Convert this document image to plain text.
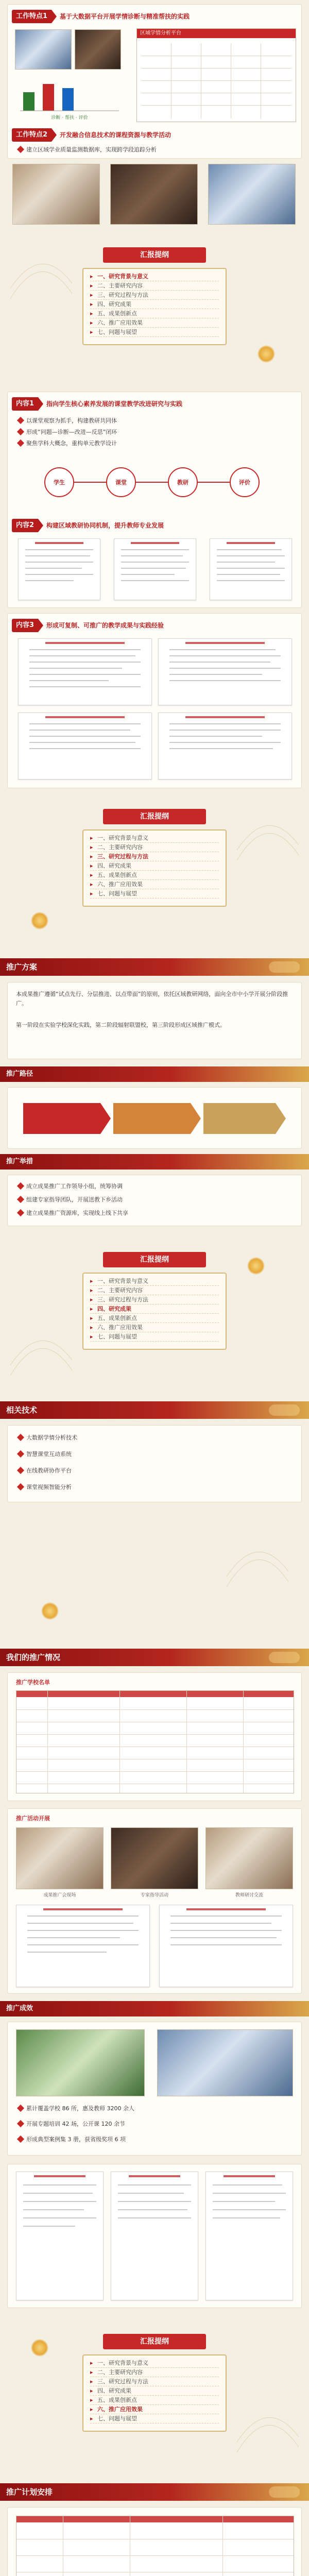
工作特点1	基于大数据平台开展学情诊断与精准帮扶的实践
诊断 · 帮扶 · 评价
区域学情分析平台
工作特点2	开发融合信息技术的课程资源与教学活动
建立区域学业质量监测数据库，实现跨学段追踪分析
汇报提纲
▸ 一、研究背景与意义
▸ 二、主要研究内容
▸ 三、研究过程与方法
▸ 四、研究成果
▸ 五、成果创新点
▸ 六、推广应用效果
▸ 七、问题与展望
内容1	指向学生核心素养发展的课堂教学改进研究与实践
以课堂观察为抓手，构建教研共同体
形成“问题—诊断—改进—反思”闭环
聚焦学科大概念，重构单元教学设计
学生	课堂	教研	评价
内容2	构建区域教研协同机制，提升教师专业发展
内容3	形成可复制、可推广的教学成果与实践经验
汇报提纲
▸ 一、研究背景与意义
▸ 二、主要研究内容
▸ 三、研究过程与方法
▸ 四、研究成果
▸ 五、成果创新点
▸ 六、推广应用效果
▸ 七、问题与展望
推广方案
本成果推广遵循“试点先行、分层推进、以点带面”的原则，依托区域教研网络，面向全市中小学开展分阶段推广。
第一阶段在实验学校深化实践，第二阶段辐射联盟校，第三阶段形成区域推广模式。
推广路径
推广举措
成立成果推广工作领导小组，统筹协调
组建专家指导团队，开展送教下乡活动
建立成果推广资源库，实现线上线下共享
汇报提纲
▸ 一、研究背景与意义
▸ 二、主要研究内容
▸ 三、研究过程与方法
▸ 四、研究成果
▸ 五、成果创新点
▸ 六、推广应用效果
▸ 七、问题与展望
相关技术
大数据学情分析技术
智慧课堂互动系统
在线教研协作平台
课堂视频智能分析
我们的推广情况
推广学校名单
推广活动开展
成果推广会现场	专家指导活动	教师研讨交流
推广成效
累计覆盖学校 86 所，惠及教师 3200 余人
开展专题培训 42 场，公开课 120 余节
形成典型案例集 3 册，获省级奖项 6 项
汇报提纲
▸ 一、研究背景与意义
▸ 二、主要研究内容
▸ 三、研究过程与方法
▸ 四、研究成果
▸ 五、成果创新点
▸ 六、推广应用效果
▸ 七、问题与展望
推广计划安排
